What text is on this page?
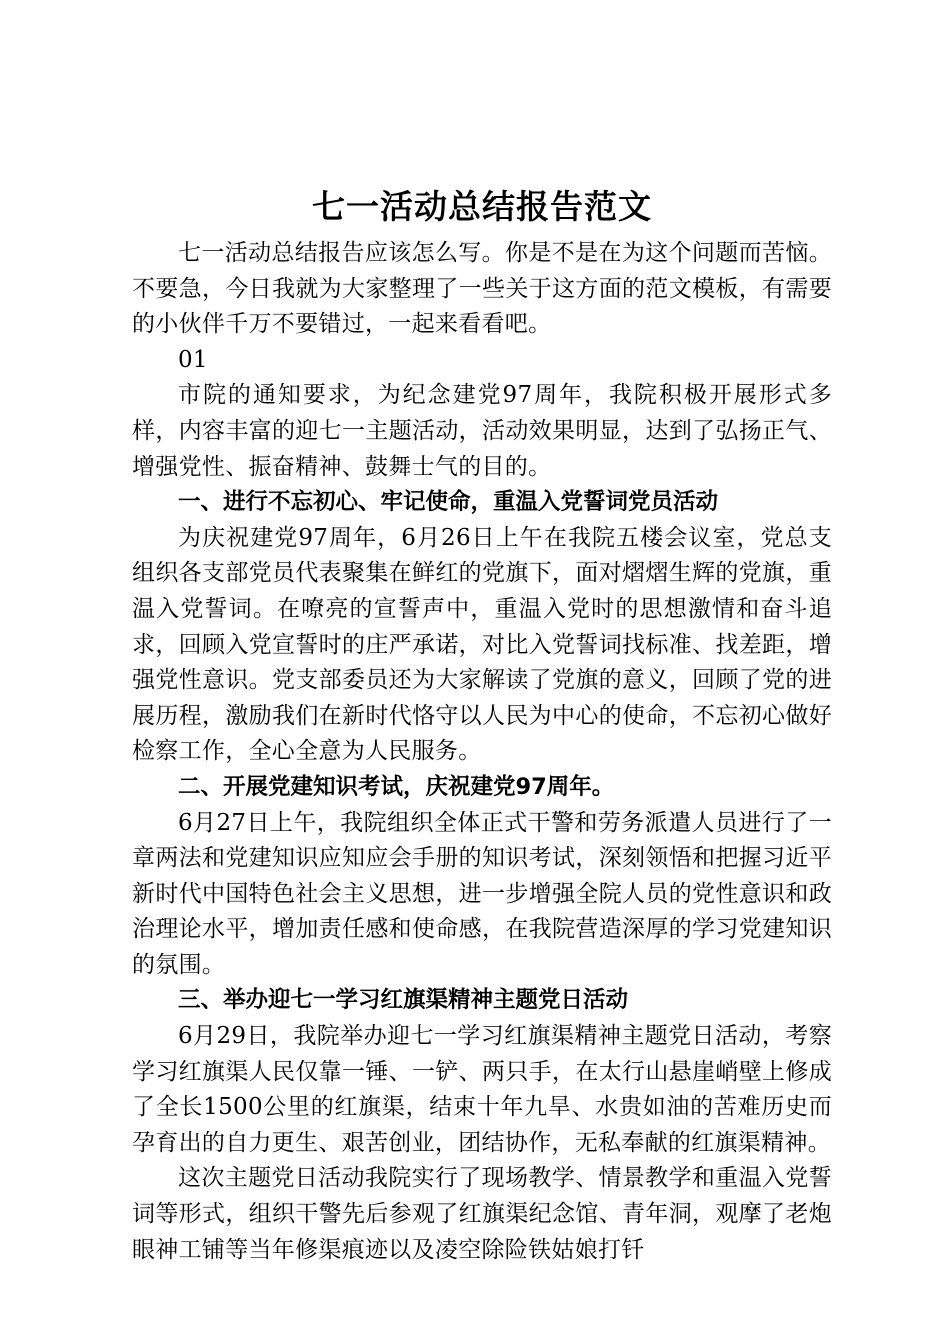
七一活动总结报告范文

七一活动总结报告应该怎么写。你是不是在为这个问题而苦恼。不要急，今日我就为大家整理了一些关于这方面的范文模板，有需要的小伙伴千万不要错过，一起来看看吧。

01

市院的通知要求，为纪念建党97周年，我院积极开展形式多样，内容丰富的迎七一主题活动，活动效果明显，达到了弘扬正气、增强党性、振奋精神、鼓舞士气的目的。

一、进行不忘初心、牢记使命，重温入党誓词党员活动

为庆祝建党97周年，6月26日上午在我院五楼会议室，党总支组织各支部党员代表聚集在鲜红的党旗下，面对熠熠生辉的党旗，重温入党誓词。在嘹亮的宣誓声中，重温入党时的思想激情和奋斗追求，回顾入党宣誓时的庄严承诺，对比入党誓词找标准、找差距，增强党性意识。党支部委员还为大家解读了党旗的意义，回顾了党的进展历程，激励我们在新时代恪守以人民为中心的使命，不忘初心做好检察工作，全心全意为人民服务。

二、开展党建知识考试，庆祝建党97周年。

6月27日上午，我院组织全体正式干警和劳务派遣人员进行了一章两法和党建知识应知应会手册的知识考试，深刻领悟和把握习近平新时代中国特色社会主义思想，进一步增强全院人员的党性意识和政治理论水平，增加责任感和使命感，在我院营造深厚的学习党建知识的氛围。

三、举办迎七一学习红旗渠精神主题党日活动

6月29日，我院举办迎七一学习红旗渠精神主题党日活动，考察学习红旗渠人民仅靠一锤、一铲、两只手，在太行山悬崖峭壁上修成了全长1500公里的红旗渠，结束十年九旱、水贵如油的苦难历史而孕育出的自力更生、艰苦创业，团结协作，无私奉献的红旗渠精神。

这次主题党日活动我院实行了现场教学、情景教学和重温入党誓词等形式，组织干警先后参观了红旗渠纪念馆、青年洞，观摩了老炮眼神工铺等当年修渠痕迹以及凌空除险铁姑娘打钎
